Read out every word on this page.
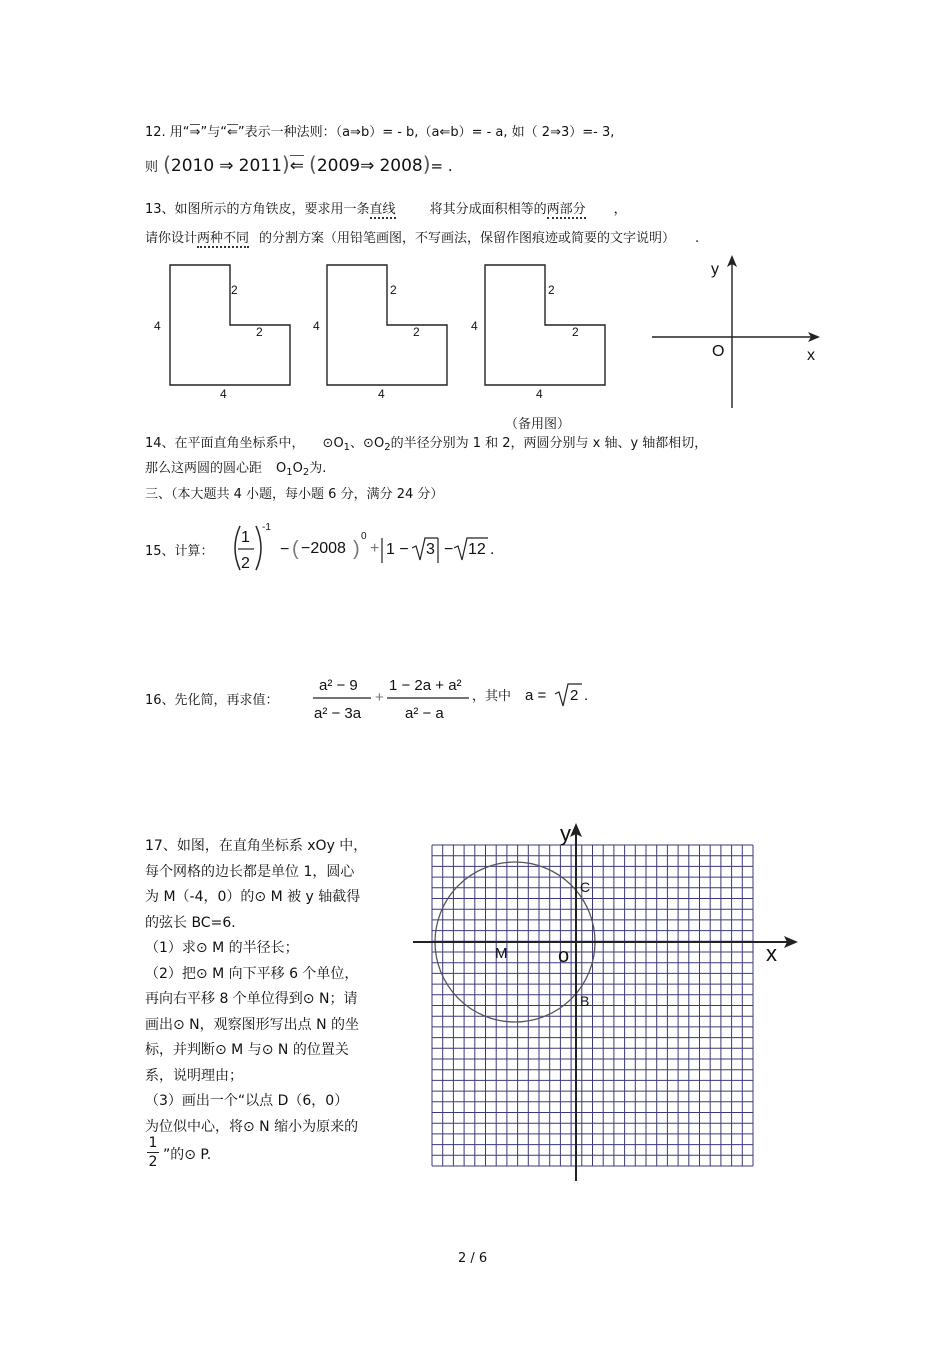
12. 用“⇒”与“⇐”表示一种法则：（a⇒b）= - b,（a⇐b）= - a, 如（ 2⇒3）=- 3,
则 (2010 ⇒ 2011)⇐ (2009⇒ 2008)= .
13、如图所示的方角铁皮，要求用一条直线	将其分成面积相等的两部分 ，
请你设计两种不同 的分割方案（用铅笔画图，不写画法，保留作图痕迹或简要的文字说明） .
4
2
2
4
4
2
2
4
4
2
2
4
y
x
O
（备用图）
14、在平面直角坐标系中， $⊙O_1$、$⊙O_2$的半径分别为 1 和 2，两圆分别与 x 轴、y 轴都相切，
那么这两圆的圆心距 $O_1O_2$为.
三、（本大题共 4 小题，每小题 6 分，满分 24 分）
15、计算：
1
2
-1
− ( −2008 )
0
+ 1 − 3 − 12 .
16、先化简，再求值：
a² − 9
a² − 3a
+
1 − 2a + a²
a² − a
，其中 a = 2 .
17、如图，在直角坐标系 xOy 中，
每个网格的边长都是单位 1，圆心
为 M（-4，0）的⊙ M 被 y 轴截得
的弦长 BC=6．
（1）求⊙ M 的半径长；
（2）把⊙ M 向下平移 6 个单位，
再向右平移 8 个单位得到⊙ N；请
画出⊙ N，观察图形写出点 N 的坐
标，并判断⊙ M 与⊙ N 的位置关
系，说明理由；
（3）画出一个“以点 D（6，0）
为位似中心，将⊙ N 缩小为原来的
1
2 ”的⊙ P.
y
x
o
M
C
B
2 / 6
